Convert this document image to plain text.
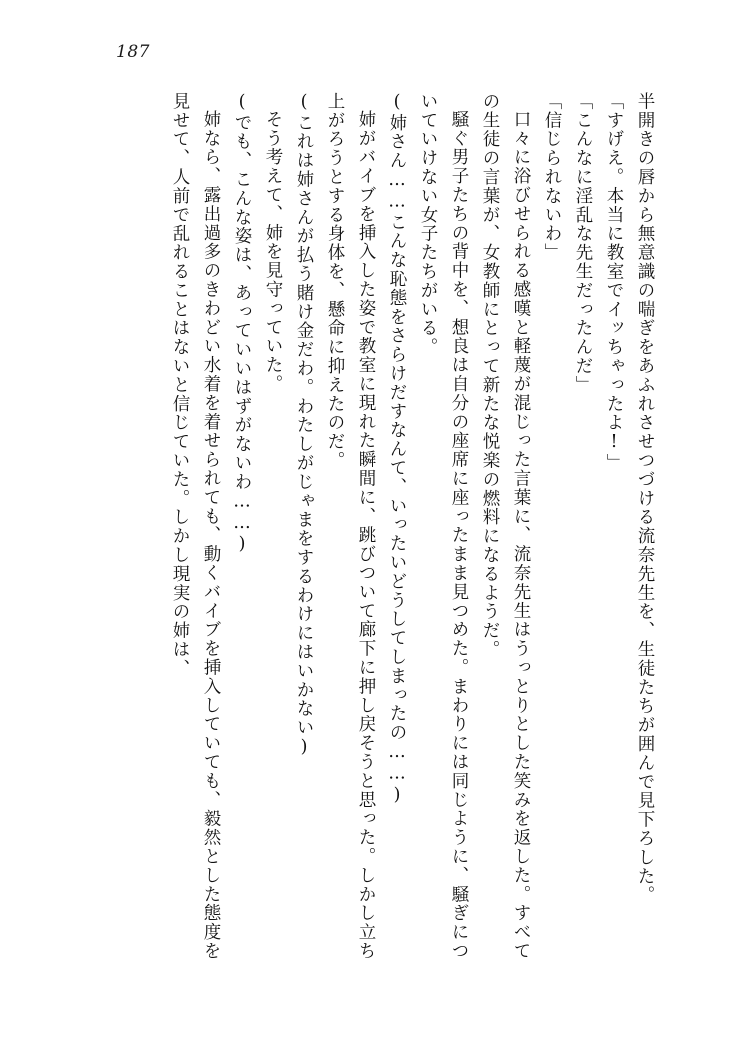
187

半開きの唇から無意識の喘ぎをあふれさせつづける流奈先生を、生徒たちが囲んで見下ろした。

「すげえ。本当に教室でイッちゃったよ!」

「こんなに淫乱な先生だったんだ」

「信じられないわ」

口々に浴びせられる感嘆と軽蔑が混じった言葉に、流奈先生はうっとりとした笑みを返した。すべての生徒の言葉が、女教師にとって新たな悦楽の燃料になるようだ。

騒ぐ男子たちの背中を、想良は自分の座席に座ったまま見つめた。まわりには同じように、騒ぎについていけない女子たちがいる。

(姉さん……こんな恥態をさらけだすなんて、いったいどうしてしまったの……)

姉がバイブを挿入した姿で教室に現れた瞬間に、跳びついて廊下に押し戻そうと思った。しかし立ち上がろうとする身体を、懸命に抑えたのだ。

(これは姉さんが払う賭け金だわ。わたしがじゃまをするわけにはいかない)

そう考えて、姉を見守っていた。

(でも、こんな姿は、あっていいはずがないわ……)

姉なら、露出過多のきわどい水着を着せられても、動くバイブを挿入していても、毅然とした態度を見せて、人前で乱れることはないと信じていた。しかし現実の姉は、
